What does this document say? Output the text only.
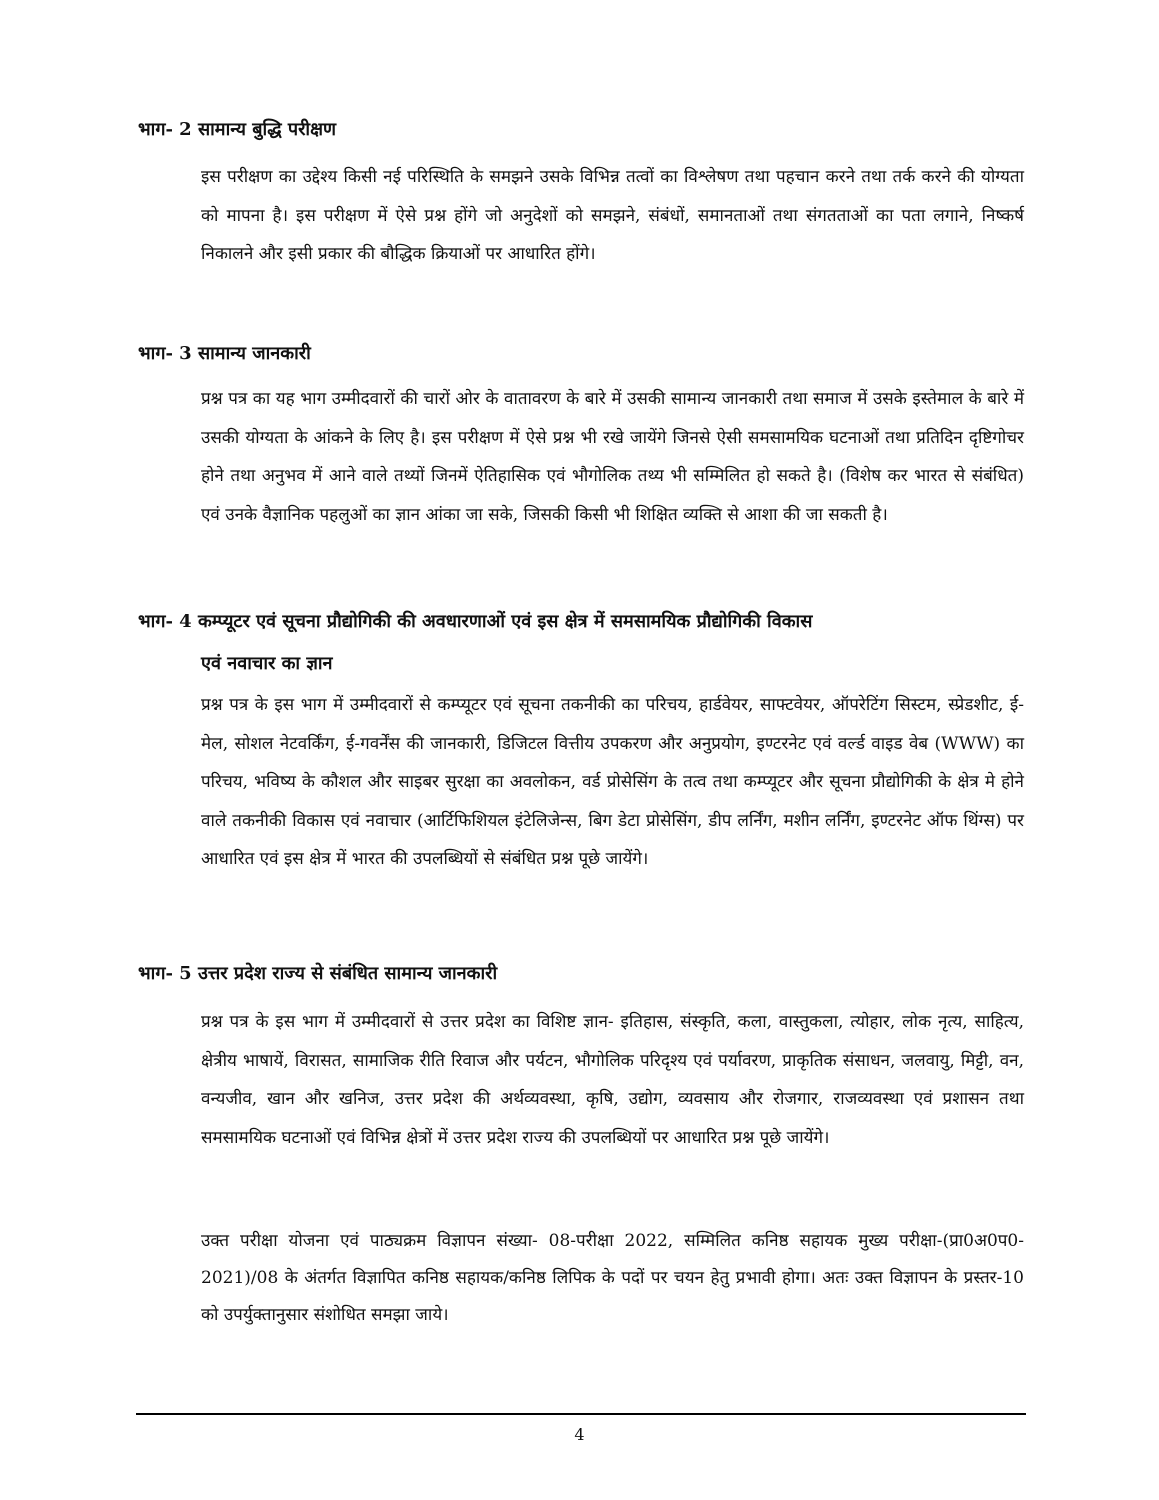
भाग- 2 सामान्य बुद्धि परीक्षण
इस परीक्षण का उद्देश्य किसी नई परिस्थिति के समझने उसके विभिन्न तत्वों का विश्लेषण तथा पहचान करने तथा तर्क करने की योग्यता को मापना है। इस परीक्षण में ऐसे प्रश्न होंगे जो अनुदेशों को समझने, संबंधों, समानताओं तथा संगतताओं का पता लगाने, निष्कर्ष निकालने और इसी प्रकार की बौद्धिक क्रियाओं पर आधारित होंगे।
भाग- 3 सामान्य जानकारी
प्रश्न पत्र का यह भाग उम्मीदवारों की चारों ओर के वातावरण के बारे में उसकी सामान्य जानकारी तथा समाज में उसके इस्तेमाल के बारे में उसकी योग्यता के आंकने के लिए है। इस परीक्षण में ऐसे प्रश्न भी रखे जायेंगे जिनसे ऐसी समसामयिक घटनाओं तथा प्रतिदिन दृष्टिगोचर होने तथा अनुभव में आने वाले तथ्यों जिनमें ऐतिहासिक एवं भौगोलिक तथ्य भी सम्मिलित हो सकते है। (विशेष कर भारत से संबंधित) एवं उनके वैज्ञानिक पहलुओं का ज्ञान आंका जा सके, जिसकी किसी भी शिक्षित व्यक्ति से आशा की जा सकती है।
भाग- 4 कम्प्यूटर एवं सूचना प्रौद्योगिकी की अवधारणाओं एवं इस क्षेत्र में समसामयिक प्रौद्योगिकी विकास
एवं नवाचार का ज्ञान
प्रश्न पत्र के इस भाग में उम्मीदवारों से कम्प्यूटर एवं सूचना तकनीकी का परिचय, हार्डवेयर, साफ्टवेयर, ऑपरेटिंग सिस्टम, स्प्रेडशीट, ई-मेल, सोशल नेटवर्किंग, ई-गवर्नेंस की जानकारी, डिजिटल वित्तीय उपकरण और अनुप्रयोग, इण्टरनेट एवं वर्ल्ड वाइड वेब (WWW) का परिचय, भविष्य के कौशल और साइबर सुरक्षा का अवलोकन, वर्ड प्रोसेसिंग के तत्व तथा कम्प्यूटर और सूचना प्रौद्योगिकी के क्षेत्र मे होने वाले तकनीकी विकास एवं नवाचार (आर्टिफिशियल इंटेलिजेन्स, बिग डेटा प्रोसेसिंग, डीप लर्निंग, मशीन लर्निंग, इण्टरनेट ऑफ थिंग्स) पर आधारित एवं इस क्षेत्र में भारत की उपलब्धियों से संबंधित प्रश्न पूछे जायेंगे।
भाग- 5 उत्तर प्रदेश राज्य से संबंधित सामान्य जानकारी
प्रश्न पत्र के इस भाग में उम्मीदवारों से उत्तर प्रदेश का विशिष्ट ज्ञान- इतिहास, संस्कृति, कला, वास्तुकला, त्योहार, लोक नृत्य, साहित्य, क्षेत्रीय भाषायें, विरासत, सामाजिक रीति रिवाज और पर्यटन, भौगोलिक परिदृश्य एवं पर्यावरण, प्राकृतिक संसाधन, जलवायु, मिट्टी, वन, वन्यजीव, खान और खनिज, उत्तर प्रदेश की अर्थव्यवस्था, कृषि, उद्योग, व्यवसाय और रोजगार, राजव्यवस्था एवं प्रशासन तथा समसामयिक घटनाओं एवं विभिन्न क्षेत्रों में उत्तर प्रदेश राज्य की उपलब्धियों पर आधारित प्रश्न पूछे जायेंगे।
उक्त परीक्षा योजना एवं पाठ्यक्रम विज्ञापन संख्या- 08-परीक्षा 2022, सम्मिलित कनिष्ठ सहायक मुख्य परीक्षा-(प्रा0अ0प0-2021)/08 के अंतर्गत विज्ञापित कनिष्ठ सहायक/कनिष्ठ लिपिक के पदों पर चयन हेतु प्रभावी होगा। अतः उक्त विज्ञापन के प्रस्तर-10 को उपर्युक्तानुसार संशोधित समझा जाये।
4
